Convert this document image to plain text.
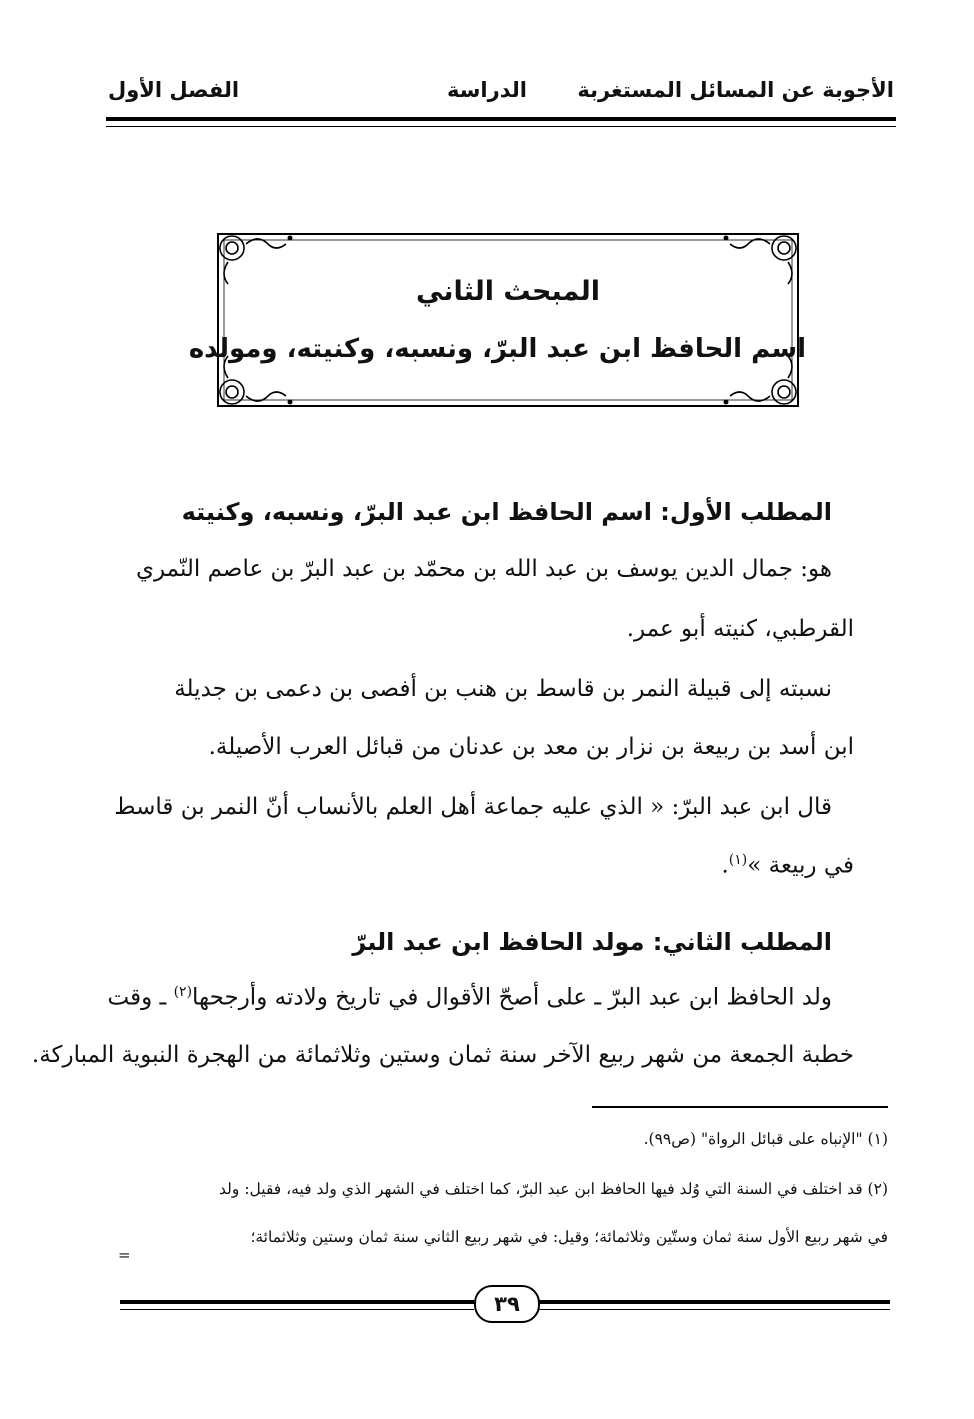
الأجوبة عن المسائل المستغربة
الدراسة
الفصل الأول
المبحث الثاني
اسم الحافظ ابن عبد البرّ، ونسبه، وكنيته، ومولده
المطلب الأول: اسم الحافظ ابن عبد البرّ، ونسبه، وكنيته
هو: جمال الدين يوسف بن عبد الله بن محمّد بن عبد البرّ بن عاصم النّمري
القرطبي، كنيته أبو عمر.
نسبته إلى قبيلة النمر بن قاسط بن هنب بن أفصى بن دعمى بن جديلة
ابن أسد بن ربيعة بن نزار بن معد بن عدنان من قبائل العرب الأصيلة.
قال ابن عبد البرّ: « الذي عليه جماعة أهل العلم بالأنساب أنّ النمر بن قاسط
في ربيعة »$^{(١)}$.
المطلب الثاني: مولد الحافظ ابن عبد البرّ
ولد الحافظ ابن عبد البرّ ـ على أصحّ الأقوال في تاريخ ولادته وأرجحها$^{(٢)}$ ـ وقت
خطبة الجمعة من شهر ربيع الآخر سنة ثمان وستين وثلاثمائة من الهجرة النبوية المباركة.
(١) "الإنباه على قبائل الرواة" (ص٩٩).
(٢) قد اختلف في السنة التي وُلد فيها الحافظ ابن عبد البرّ، كما اختلف في الشهر الذي ولد فيه، فقيل: ولد
في شهر ربيع الأول سنة ثمان وستّين وثلاثمائة؛ وقيل: في شهر ربيع الثاني سنة ثمان وستين وثلاثمائة؛
=
٣٩
